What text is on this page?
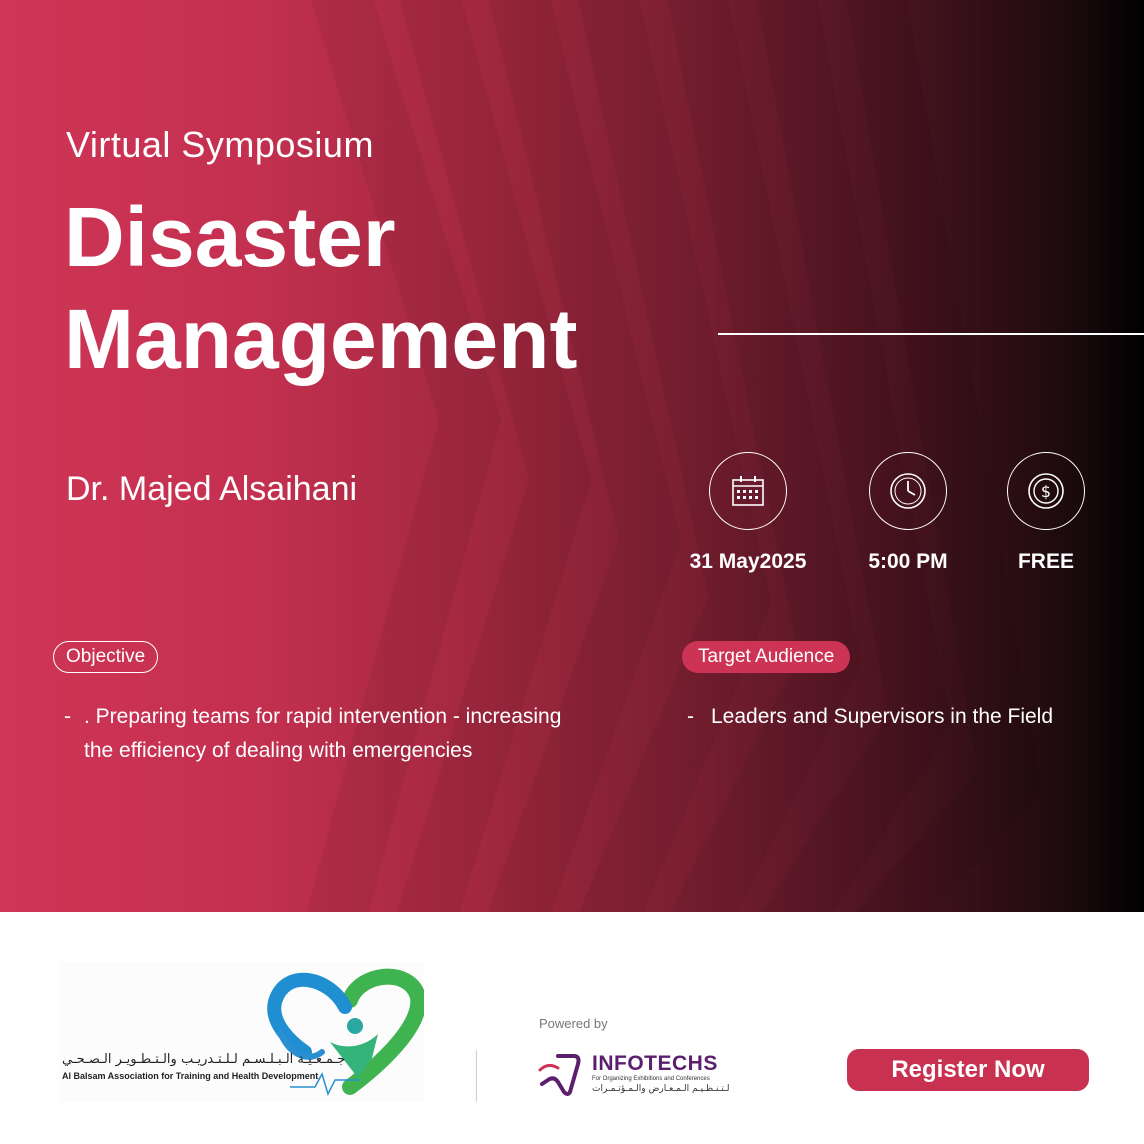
Virtual Symposium
Disaster
Management
Dr. Majed Alsaihani
31 May2025	5:00 PM
$
FREE
Objective	Target Audience
- . Preparing teams for rapid intervention - increasing
the efficiency of dealing with emergencies
- Leaders and Supervisors in the Field
جـمـعـيـة الـبـلـسـم لـلـتـدريـب والـتـطـويـر الـصـحـي
Al Balsam Association for Training and Health Development
Powered by
INFOTECHS
For Organizing Exhibitions and Conferences
لـتـنـظـيـم الـمـعـارض والـمـؤتـمـرات
Register Now
